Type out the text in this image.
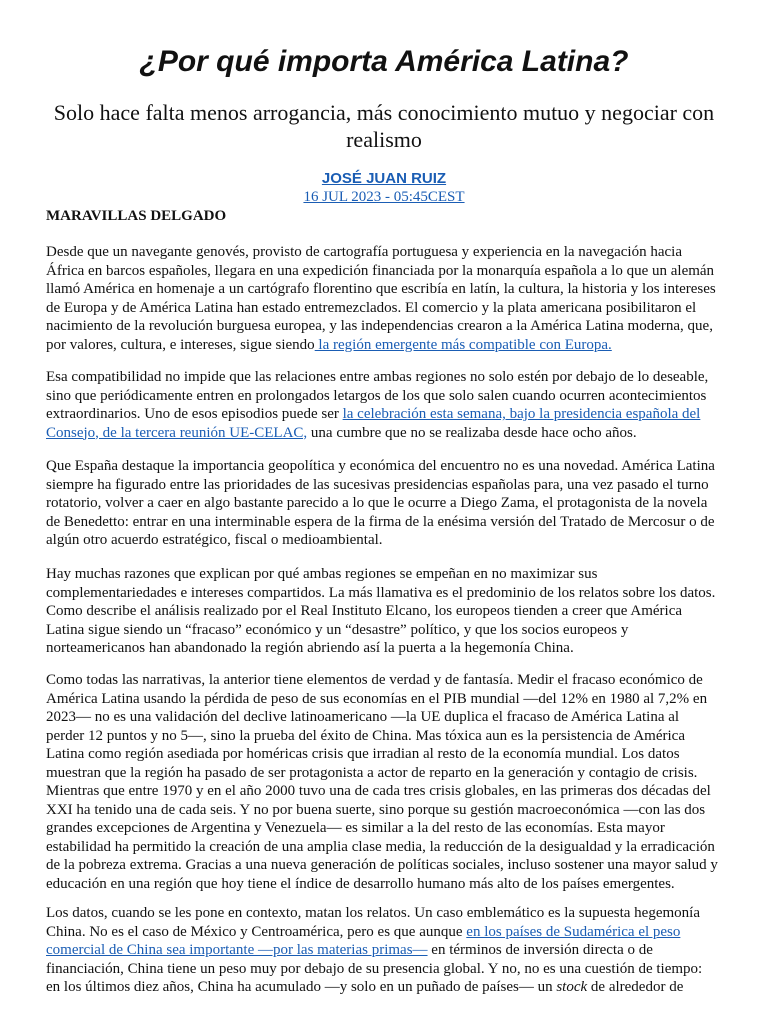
¿Por qué importa América Latina?
Solo hace falta menos arrogancia, más conocimiento mutuo y negociar con realismo
JOSÉ JUAN RUIZ
16 JUL 2023 - 05:45CEST

MARAVILLAS DELGADO

Desde que un navegante genovés, provisto de cartografía portuguesa y experiencia en la navegación hacia
África en barcos españoles, llegara en una expedición financiada por la monarquía española a lo que un alemán
llamó América en homenaje a un cartógrafo florentino que escribía en latín, la cultura, la historia y los intereses
de Europa y de América Latina han estado entremezclados. El comercio y la plata americana posibilitaron el
nacimiento de la revolución burguesa europea, y las independencias crearon a la América Latina moderna, que,
por valores, cultura, e intereses, sigue siendo la región emergente más compatible con Europa.

Esa compatibilidad no impide que las relaciones entre ambas regiones no solo estén por debajo de lo deseable,
sino que periódicamente entren en prolongados letargos de los que solo salen cuando ocurren acontecimientos
extraordinarios. Uno de esos episodios puede ser la celebración esta semana, bajo la presidencia española del
Consejo, de la tercera reunión UE-CELAC, una cumbre que no se realizaba desde hace ocho años.

Que España destaque la importancia geopolítica y económica del encuentro no es una novedad. América Latina
siempre ha figurado entre las prioridades de las sucesivas presidencias españolas para, una vez pasado el turno
rotatorio, volver a caer en algo bastante parecido a lo que le ocurre a Diego Zama, el protagonista de la novela
de Benedetto: entrar en una interminable espera de la firma de la enésima versión del Tratado de Mercosur o de
algún otro acuerdo estratégico, fiscal o medioambiental.

Hay muchas razones que explican por qué ambas regiones se empeñan en no maximizar sus
complementariedades e intereses compartidos. La más llamativa es el predominio de los relatos sobre los datos.
Como describe el análisis realizado por el Real Instituto Elcano, los europeos tienden a creer que América
Latina sigue siendo un “fracaso” económico y un “desastre” político, y que los socios europeos y
norteamericanos han abandonado la región abriendo así la puerta a la hegemonía China.

Como todas las narrativas, la anterior tiene elementos de verdad y de fantasía. Medir el fracaso económico de
América Latina usando la pérdida de peso de sus economías en el PIB mundial —del 12% en 1980 al 7,2% en
2023— no es una validación del declive latinoamericano —la UE duplica el fracaso de América Latina al
perder 12 puntos y no 5—, sino la prueba del éxito de China. Mas tóxica aun es la persistencia de América
Latina como región asediada por homéricas crisis que irradian al resto de la economía mundial. Los datos
muestran que la región ha pasado de ser protagonista a actor de reparto en la generación y contagio de crisis.
Mientras que entre 1970 y en el año 2000 tuvo una de cada tres crisis globales, en las primeras dos décadas del
XXI ha tenido una de cada seis. Y no por buena suerte, sino porque su gestión macroeconómica —con las dos
grandes excepciones de Argentina y Venezuela— es similar a la del resto de las economías. Esta mayor
estabilidad ha permitido la creación de una amplia clase media, la reducción de la desigualdad y la erradicación
de la pobreza extrema. Gracias a una nueva generación de políticas sociales, incluso sostener una mayor salud y
educación en una región que hoy tiene el índice de desarrollo humano más alto de los países emergentes.

Los datos, cuando se les pone en contexto, matan los relatos. Un caso emblemático es la supuesta hegemonía
China. No es el caso de México y Centroamérica, pero es que aunque en los países de Sudamérica el peso
comercial de China sea importante —por las materias primas— en términos de inversión directa o de
financiación, China tiene un peso muy por debajo de su presencia global. Y no, no es una cuestión de tiempo:
en los últimos diez años, China ha acumulado —y solo en un puñado de países— un stock de alrededor de
